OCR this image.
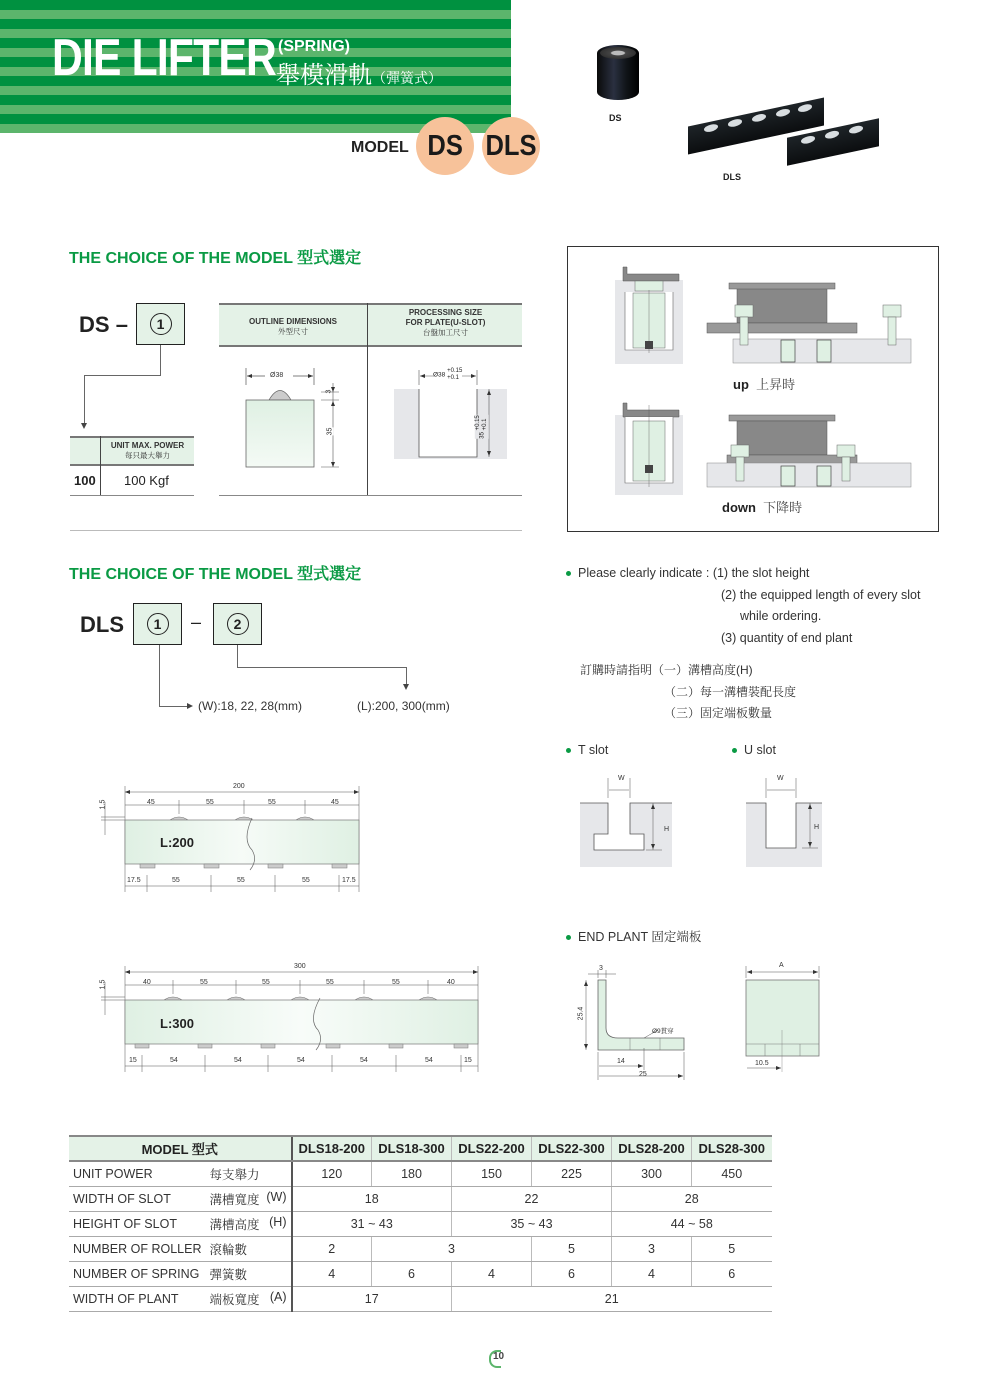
DIE LIFTER (SPRING)
舉模滑軌（彈簧式）
MODEL DS DLS
DS
DLS
THE CHOICE OF THE MODEL 型式選定
DS –	1
UNIT MAX. POWER
每只最大舉力
100 100 Kgf
OUTLINE DIMENSIONS
外型尺寸
PROCESSING SIZE
FOR PLATE(U-SLOT)
台盤加工尺寸
Ø38
3
35
Ø38 +0.15
+0.1
35 +0.15
+0.1
up 上昇時
down 下降時
THE CHOICE OF THE MODEL 型式選定
DLS	1	–	2
(W):18, 22, 28(mm)	(L):200, 300(mm)
200
45	55	55	45
1.5
L:200
17.5	55	55	55	17.5
300
40	55	55	55	55	40
1.5
L:300
15	54	54	54	54	54	15
Please clearly indicate : (1) the slot height
(2) the equipped length of every slot
while ordering.
(3) quantity of end plant
訂購時請指明（一）溝槽高度(H)
（二）每一溝槽裝配長度
（三）固定端板數量
T slot	U slot
W
H
W
H
END PLANT 固定端板
3
25.4
Ø9貫穿
14
25
A
10.5
MODEL 型式		DLS18-200	DLS18-300	DLS22-200	DLS22-300	DLS28-200	DLS28-300
UNIT POWER	每支舉力	120	180	150	225	300	450
WIDTH OF SLOT	溝槽寬度 (W)	18		22		28	
HEIGHT OF SLOT	溝槽高度 (H)	31 ~ 43		35 ~ 43		44 ~ 58	
NUMBER OF ROLLER	滾輪數	2	3		5	3	5
NUMBER OF SPRING	彈簧數	4	6	4	6	4	6
WIDTH OF PLANT	端板寬度 (A)	17		21			
10
